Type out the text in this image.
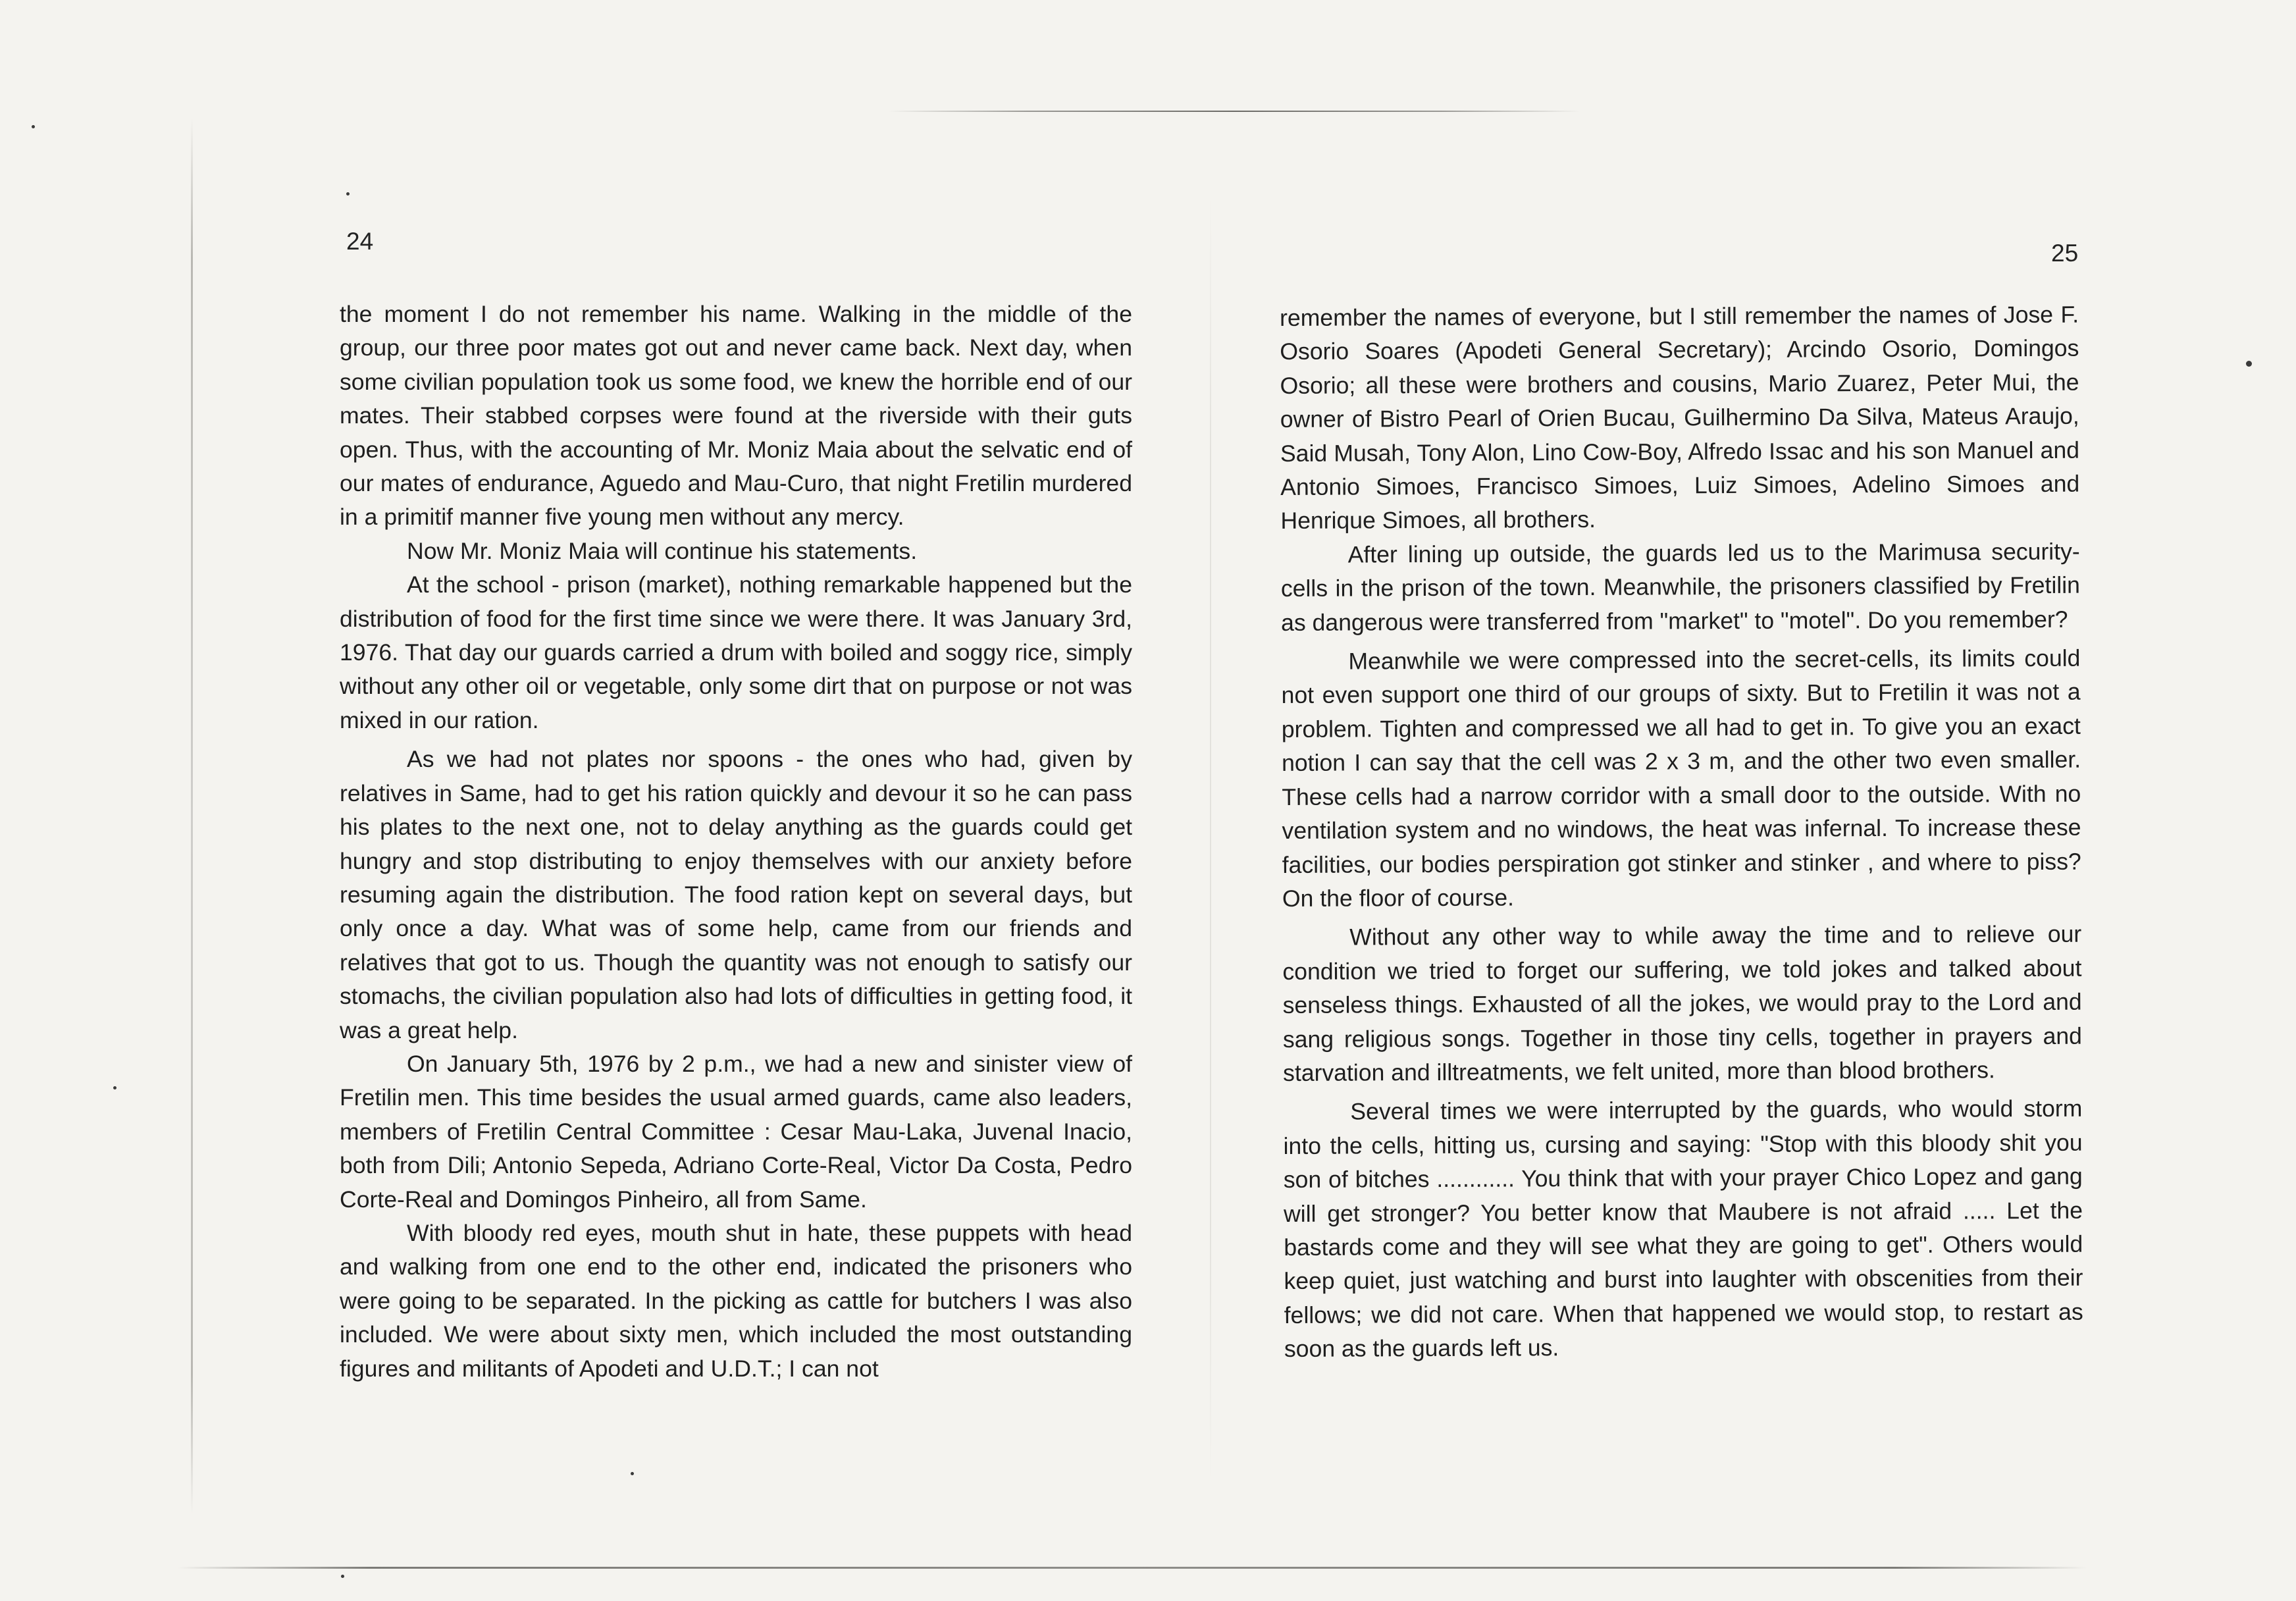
24

the moment I do not remember his name. Walking in the middle of the group, our three poor mates got out and never came back. Next day, when some civilian population took us some food, we knew the horrible end of our mates. Their stabbed corpses were found at the riverside with their guts open. Thus, with the accounting of Mr. Moniz Maia about the selvatic end of our mates of endurance, Aguedo and Mau-Curo, that night Fretilin murdered in a primitif manner five young men without any mercy.

Now Mr. Moniz Maia will continue his statements.

At the school - prison (market), nothing remarkable happened but the distribution of food for the first time since we were there. It was January 3rd, 1976. That day our guards carried a drum with boiled and soggy rice, simply without any other oil or vegetable, only some dirt that on purpose or not was mixed in our ration.

As we had not plates nor spoons - the ones who had, given by relatives in Same, had to get his ration quickly and devour it so he can pass his plates to the next one, not to delay anything as the guards could get hungry and stop distributing to enjoy themselves with our anxiety before resuming again the distribution. The food ration kept on several days, but only once a day. What was of some help, came from our friends and relatives that got to us. Though the quantity was not enough to satisfy our stomachs, the civilian population also had lots of difficulties in getting food, it was a great help.

On January 5th, 1976 by 2 p.m., we had a new and sinister view of Fretilin men. This time besides the usual armed guards, came also leaders, members of Fretilin Central Committee : Cesar Mau-Laka, Juvenal Inacio, both from Dili; Antonio Sepeda, Adriano Corte-Real, Victor Da Costa, Pedro Corte-Real and Domingos Pinheiro, all from Same.

With bloody red eyes, mouth shut in hate, these puppets with head and walking from one end to the other end, indicated the prisoners who were going to be separated. In the picking as cattle for butchers I was also included. We were about sixty men, which included the most outstanding figures and militants of Apodeti and U.D.T.; I can not

25

remember the names of everyone, but I still remember the names of Jose F. Osorio Soares (Apodeti General Secretary); Arcindo Osorio, Domingos Osorio; all these were brothers and cousins, Mario Zuarez, Peter Mui, the owner of Bistro Pearl of Orien Bucau, Guilhermino Da Silva, Mateus Araujo, Said Musah, Tony Alon, Lino Cow-Boy, Alfredo Issac and his son Manuel and Antonio Simoes, Francisco Simoes, Luiz Simoes, Adelino Simoes and Henrique Simoes, all brothers.

After lining up outside, the guards led us to the Marimusa security-cells in the prison of the town. Meanwhile, the prisoners classified by Fretilin as dangerous were transferred from "market" to "motel". Do you remember?

Meanwhile we were compressed into the secret-cells, its limits could not even support one third of our groups of sixty. But to Fretilin it was not a problem. Tighten and compressed we all had to get in. To give you an exact notion I can say that the cell was 2 x 3 m, and the other two even smaller. These cells had a narrow corridor with a small door to the outside. With no ventilation system and no windows, the heat was infernal. To increase these facilities, our bodies perspiration got stinker and stinker , and where to piss? On the floor of course.

Without any other way to while away the time and to relieve our condition we tried to forget our suffering, we told jokes and talked about senseless things. Exhausted of all the jokes, we would pray to the Lord and sang religious songs. Together in those tiny cells, together in prayers and starvation and illtreatments, we felt united, more than blood brothers.

Several times we were interrupted by the guards, who would storm into the cells, hitting us, cursing and saying: "Stop with this bloody shit you son of bitches ............ You think that with your prayer Chico Lopez and gang will get stronger? You better know that Maubere is not afraid ..... Let the bastards come and they will see what they are going to get". Others would keep quiet, just watching and burst into laughter with obscenities from their fellows; we did not care. When that happened we would stop, to restart as soon as the guards left us.
